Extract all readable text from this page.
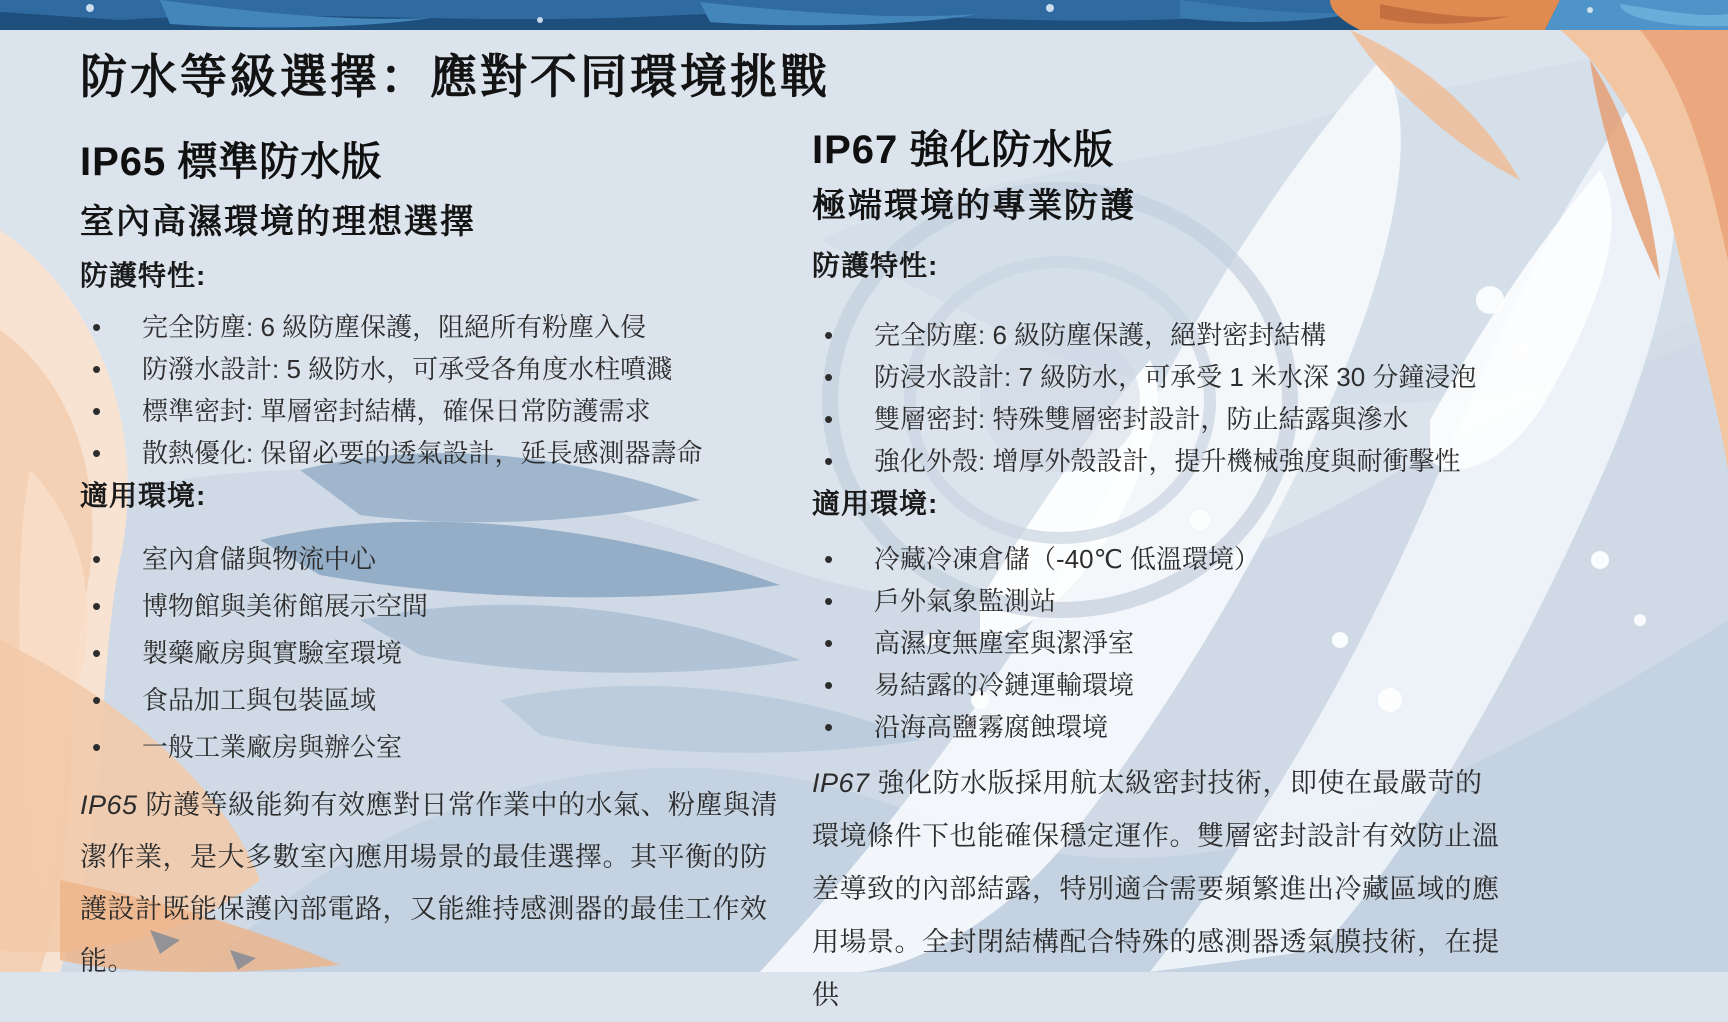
防水等級選擇：應對不同環境挑戰
IP65 標準防水版
室內高濕環境的理想選擇
防護特性:
• 完全防塵: 6 級防塵保護，阻絕所有粉塵入侵
• 防潑水設計: 5 級防水，可承受各角度水柱噴濺
• 標準密封: 單層密封結構，確保日常防護需求
• 散熱優化: 保留必要的透氣設計，延長感測器壽命
適用環境:
• 室內倉儲與物流中心
• 博物館與美術館展示空間
• 製藥廠房與實驗室環境
• 食品加工與包裝區域
• 一般工業廠房與辦公室

IP65 防護等級能夠有效應對日常作業中的水氣、粉塵與清潔作業，是大多數室內應用場景的最佳選擇。其平衡的防護設計既能保護內部電路，又能維持感測器的最佳工作效能。

IP67 強化防水版
極端環境的專業防護
防護特性:
• 完全防塵: 6 級防塵保護，絕對密封結構
• 防浸水設計: 7 級防水，可承受 1 米水深 30 分鐘浸泡
• 雙層密封: 特殊雙層密封設計，防止結露與滲水
• 強化外殼: 增厚外殼設計，提升機械強度與耐衝擊性
適用環境:
• 冷藏冷凍倉儲（-40℃ 低溫環境）
• 戶外氣象監測站
• 高濕度無塵室與潔淨室
• 易結露的冷鏈運輸環境
• 沿海高鹽霧腐蝕環境

IP67 強化防水版採用航太級密封技術，即使在最嚴苛的環境條件下也能確保穩定運作。雙層密封設計有效防止溫差導致的內部結露，特別適合需要頻繁進出冷藏區域的應用場景。全封閉結構配合特殊的感測器透氣膜技術，在提供
